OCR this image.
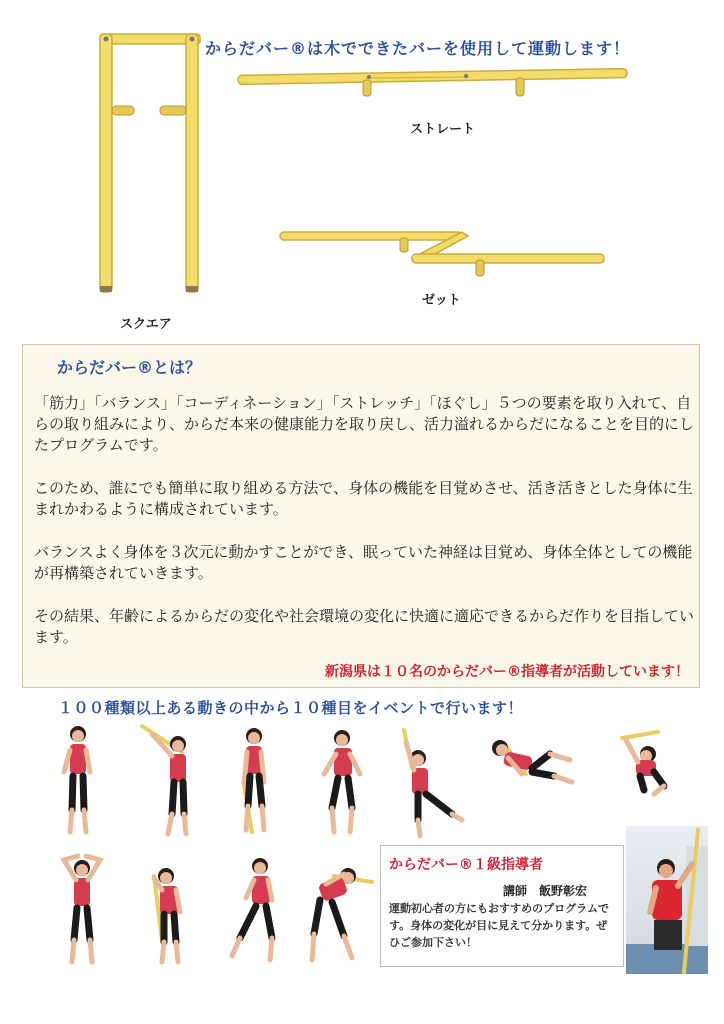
からだバー®は木でできたバーを使用して運動します！
スクエア
ストレート
ゼット
からだバー®とは？

「筋力」「バランス」「コーディネーション」「ストレッチ」「ほぐし」５つの要素を取り入れて、自らの取り組みにより、からだ本来の健康能力を取り戻し、活力溢れるからだになることを目的にしたプログラムです。

このため、誰にでも簡単に取り組める方法で、身体の機能を目覚めさせ、活き活きとした身体に生まれかわるように構成されています。

バランスよく身体を３次元に動かすことができ、眠っていた神経は目覚め、身体全体としての機能が再構築されていきます。

その結果、年齢によるからだの変化や社会環境の変化に快適に適応できるからだ作りを目指しています。

新潟県は１０名のからだバー®指導者が活動しています！
１００種類以上ある動きの中から１０種目をイベントで行います！
からだバー®１級指導者
講師　飯野彰宏
運動初心者の方にもおすすめのプログラムです。身体の変化が目に見えて分かります。ぜひご参加下さい！
